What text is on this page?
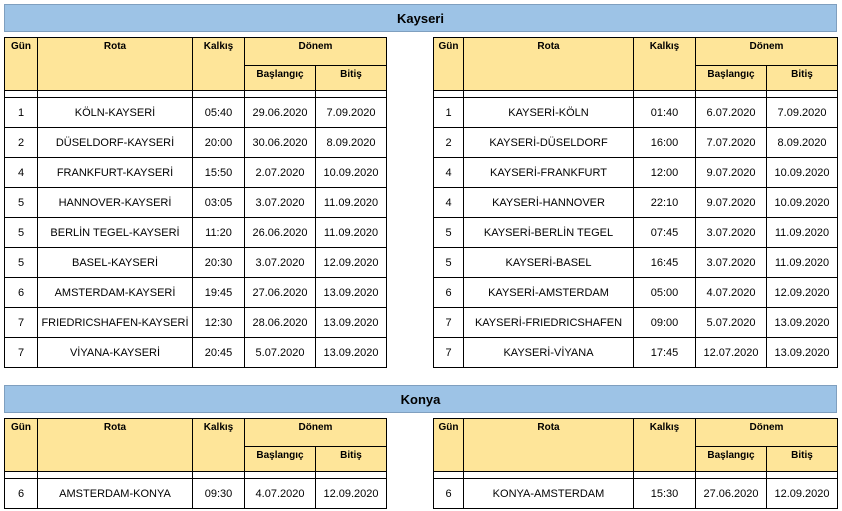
Kayseri
Gün	Rota	Kalkış	Dönem	
			Başlangıç	Bitiş

1	KÖLN-KAYSERİ	05:40	29.06.2020	7.09.2020
2	DÜSELDORF-KAYSERİ	20:00	30.06.2020	8.09.2020
4	FRANKFURT-KAYSERİ	15:50	2.07.2020	10.09.2020
5	HANNOVER-KAYSERİ	03:05	3.07.2020	11.09.2020
5	BERLİN TEGEL-KAYSERİ	11:20	26.06.2020	11.09.2020
5	BASEL-KAYSERİ	20:30	3.07.2020	12.09.2020
6	AMSTERDAM-KAYSERİ	19:45	27.06.2020	13.09.2020
7	FRIEDRICSHAFEN-KAYSERİ	12:30	28.06.2020	13.09.2020
7	VİYANA-KAYSERİ	20:45	5.07.2020	13.09.2020
Gün	Rota	Kalkış	Dönem	
			Başlangıç	Bitiş

1	KAYSERİ-KÖLN	01:40	6.07.2020	7.09.2020
2	KAYSERİ-DÜSELDORF	16:00	7.07.2020	8.09.2020
4	KAYSERİ-FRANKFURT	12:00	9.07.2020	10.09.2020
4	KAYSERİ-HANNOVER	22:10	9.07.2020	10.09.2020
5	KAYSERİ-BERLİN TEGEL	07:45	3.07.2020	11.09.2020
5	KAYSERİ-BASEL	16:45	3.07.2020	11.09.2020
6	KAYSERİ-AMSTERDAM	05:00	4.07.2020	12.09.2020
7	KAYSERİ-FRIEDRICSHAFEN	09:00	5.07.2020	13.09.2020
7	KAYSERİ-VİYANA	17:45	12.07.2020	13.09.2020
Konya
Gün	Rota	Kalkış	Dönem	
			Başlangıç	Bitiş

6	AMSTERDAM-KONYA	09:30	4.07.2020	12.09.2020
Gün	Rota	Kalkış	Dönem	
			Başlangıç	Bitiş

6	KONYA-AMSTERDAM	15:30	27.06.2020	12.09.2020
